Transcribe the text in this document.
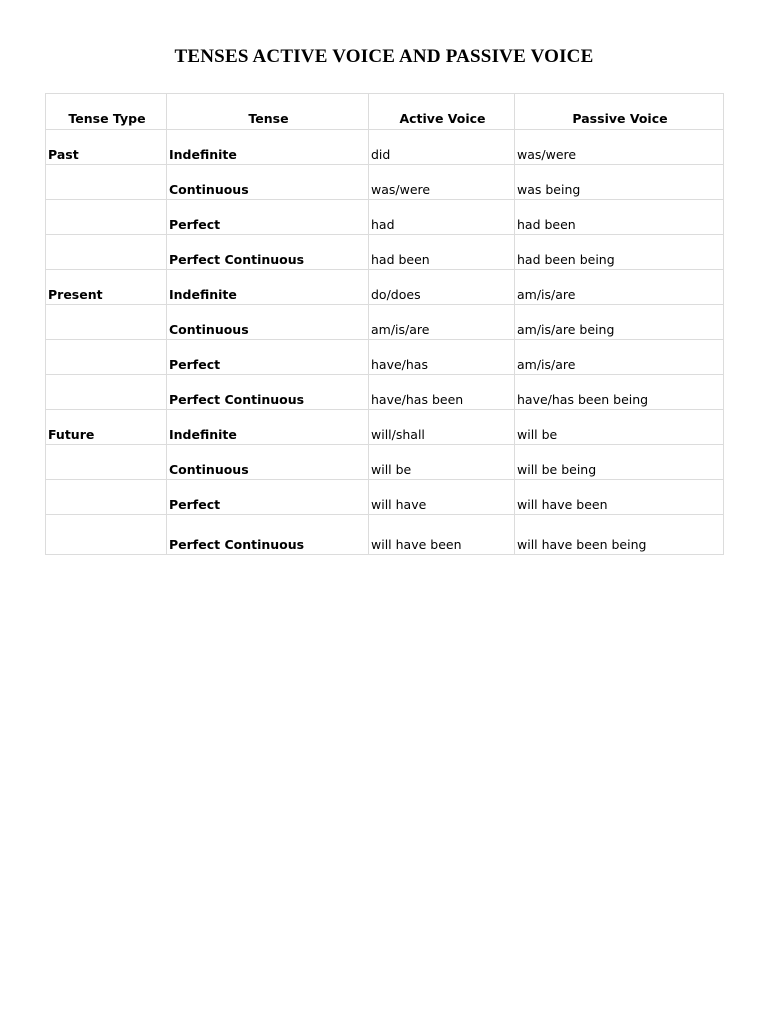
TENSES ACTIVE VOICE AND PASSIVE VOICE
Tense Type	Tense	Active Voice	Passive Voice
Past	Indefinite	did	was/were
	Continuous	was/were	was being
	Perfect	had	had been
	Perfect Continuous	had been	had been being
Present	Indefinite	do/does	am/is/are
	Continuous	am/is/are	am/is/are being
	Perfect	have/has	am/is/are
	Perfect Continuous	have/has been	have/has been being
Future	Indefinite	will/shall	will be
	Continuous	will be	will be being
	Perfect	will have	will have been
	Perfect Continuous	will have been	will have been being
